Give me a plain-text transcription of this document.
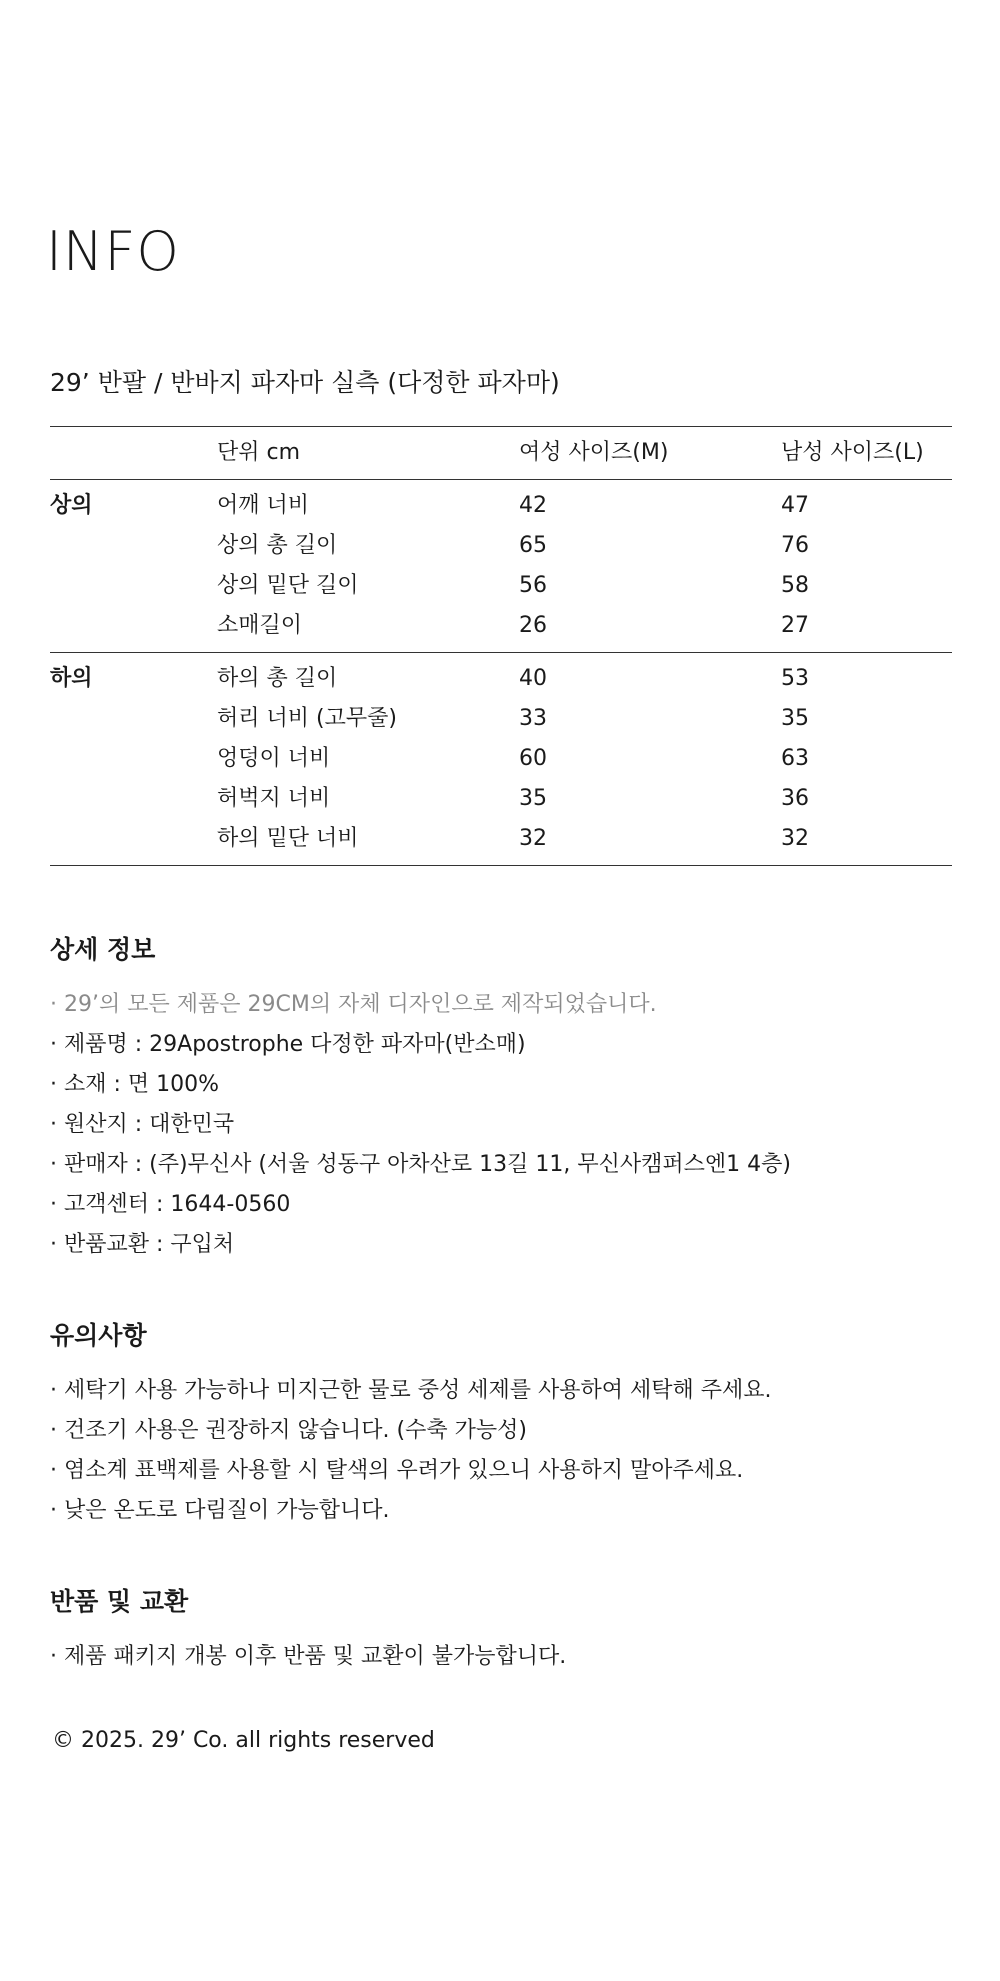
INFO
29’ 반팔 / 반바지 파자마 실측 (다정한 파자마)
	단위 cm	여성 사이즈(M)	남성 사이즈(L)
상의	어깨 너비	42	47
	상의 총 길이	65	76
	상의 밑단 길이	56	58
	소매길이	26	27
하의	하의 총 길이	40	53
	허리 너비 (고무줄)	33	35
	엉덩이 너비	60	63
	허벅지 너비	35	36
	하의 밑단 너비	32	32
상세 정보
· 29’의 모든 제품은 29CM의 자체 디자인으로 제작되었습니다.
· 제품명 : 29Apostrophe 다정한 파자마(반소매)
· 소재 : 면 100%
· 원산지 : 대한민국
· 판매자 : (주)무신사 (서울 성동구 아차산로 13길 11, 무신사캠퍼스엔1 4층)
· 고객센터 : 1644-0560
· 반품교환 : 구입처
유의사항
· 세탁기 사용 가능하나 미지근한 물로 중성 세제를 사용하여 세탁해 주세요.
· 건조기 사용은 권장하지 않습니다. (수축 가능성)
· 염소계 표백제를 사용할 시 탈색의 우려가 있으니 사용하지 말아주세요.
· 낮은 온도로 다림질이 가능합니다.
반품 및 교환
· 제품 패키지 개봉 이후 반품 및 교환이 불가능합니다.
© 2025. 29’ Co. all rights reserved
